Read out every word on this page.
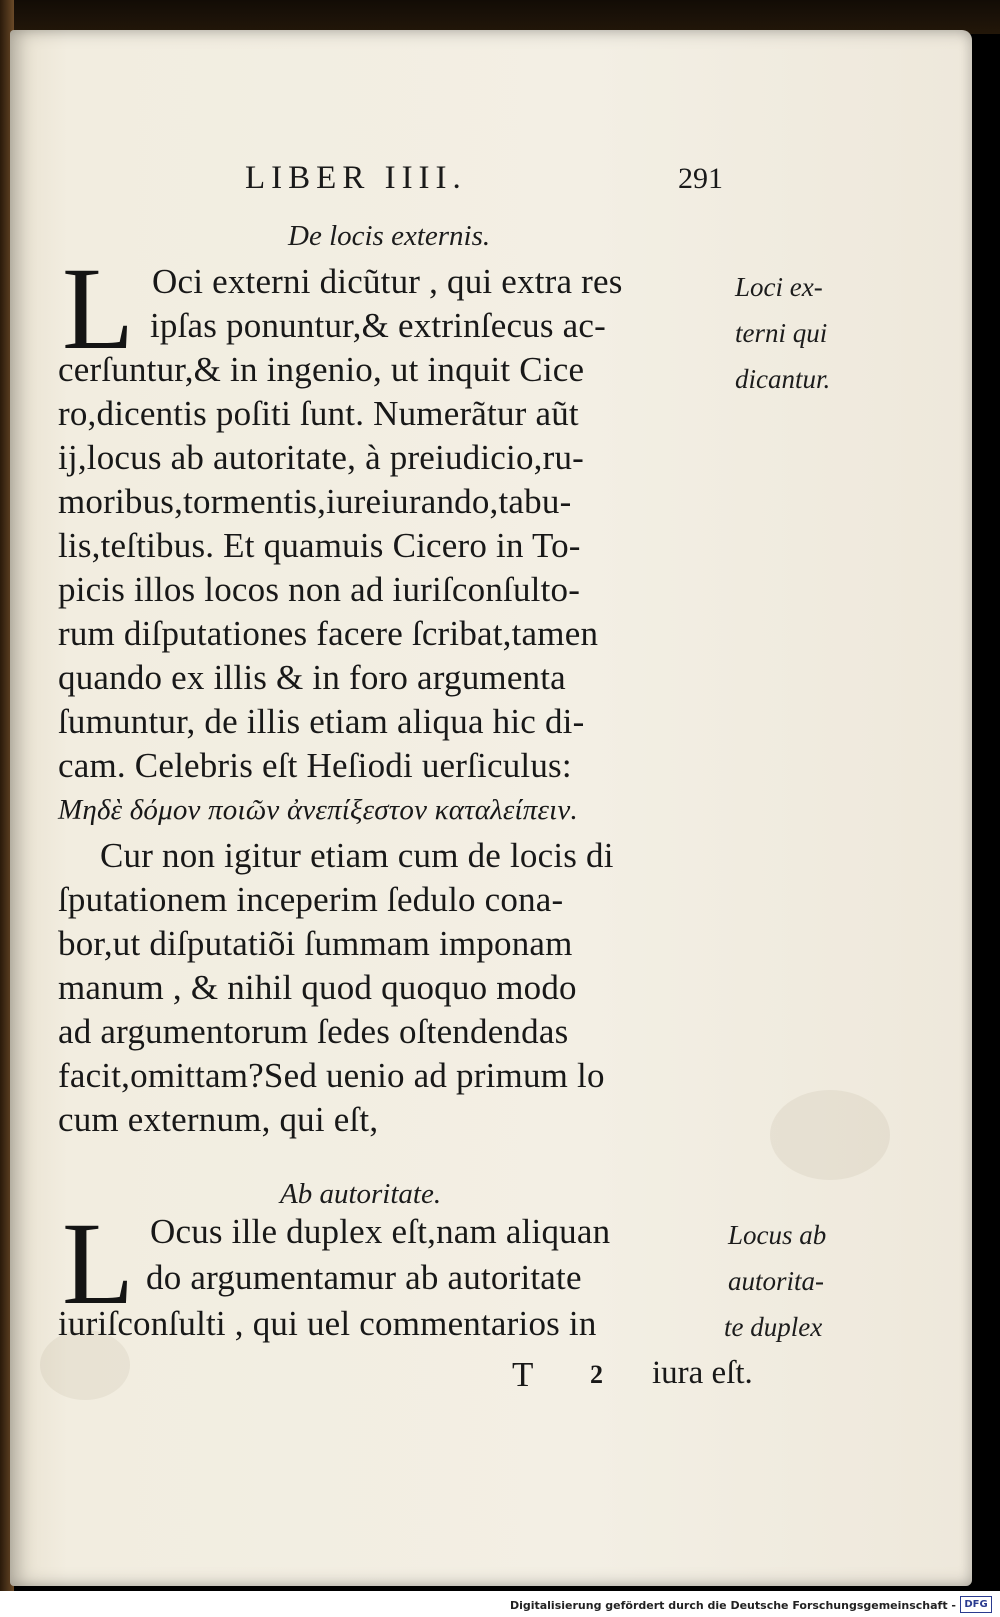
LIBER IIII.	291
De locis externis.
L Oci externi dicũtur , qui extra res
ipſas ponuntur,& extrinſecus ac-
cerſuntur,& in ingenio, ut inquit Cice
ro,dicentis poſiti ſunt. Numerãtur aũt
ij,locus ab autoritate, à preiudicio,ru-
moribus,tormentis,iureiurando,tabu-
lis,teſtibus. Et quamuis Cicero in To-
picis illos locos non ad iuriſconſulto-
rum diſputationes facere ſcribat,tamen
quando ex illis & in foro argumenta
ſumuntur, de illis etiam aliqua hic di-
cam. Celebris eſt Heſiodi uerſiculus:
Μηδὲ δόμον ποιῶν ἀνεπίξεστον καταλείπειν.
Cur non igitur etiam cum de locis di
ſputationem inceperim ſedulo cona-
bor,ut diſputatiõi ſummam imponam
manum , & nihil quod quoquo modo
ad argumentorum ſedes oſtendendas
facit,omittam?Sed uenio ad primum lo
cum externum, qui eſt,
Loci ex-
terni qui
dicantur.
Ab autoritate.
L Ocus ille duplex eſt,nam aliquan
do argumentamur ab autoritate
iuriſconſulti , qui uel commentarios in
Locus ab
autorita-
te duplex
T 2 iura eſt.
Digitalisierung gefördert durch die Deutsche Forschungsgemeinschaft - DFG
